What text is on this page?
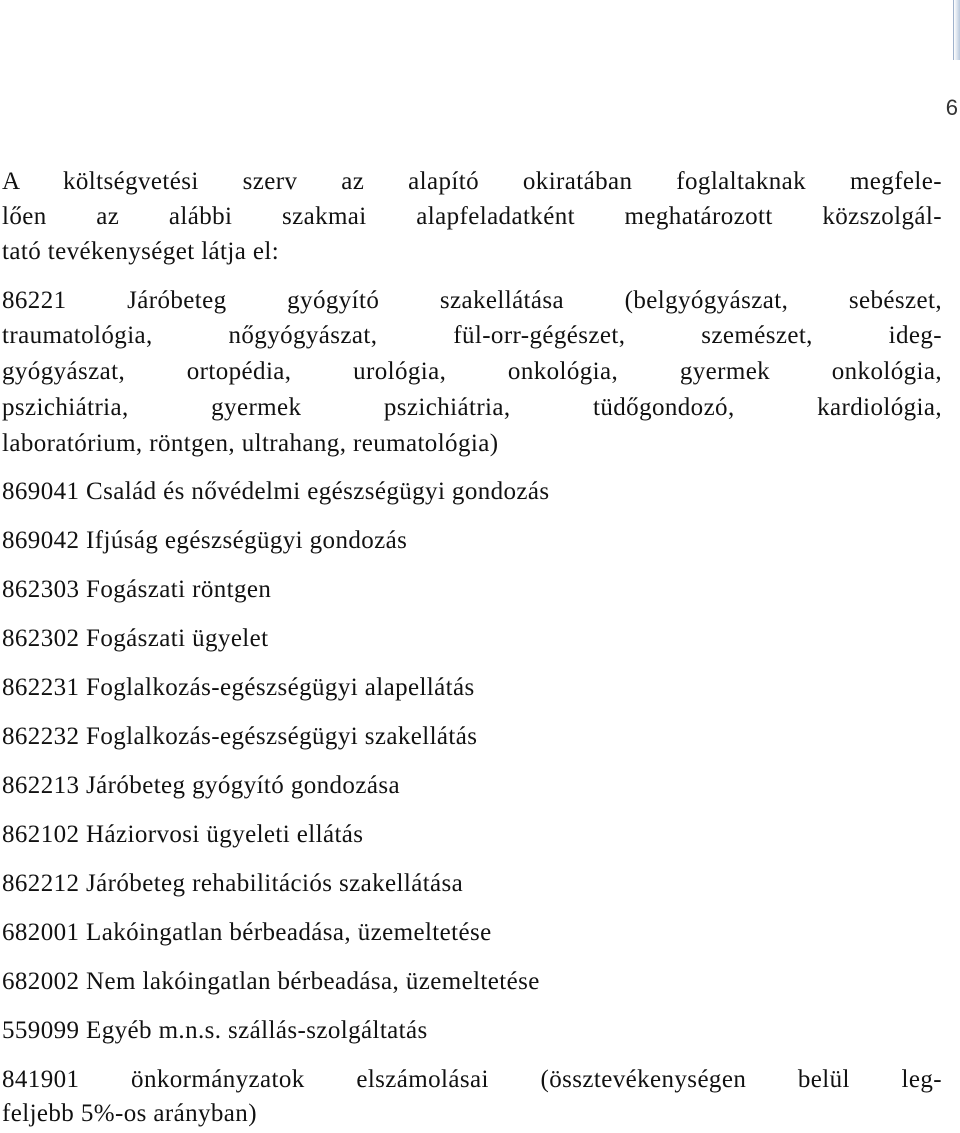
6
A költségvetési szerv az alapító okiratában foglaltaknak megfele-
lően az alábbi szakmai alapfeladatként meghatározott közszolgál-
tató tevékenységet látja el:
86221 Járóbeteg gyógyító szakellátása (belgyógyászat, sebészet,
traumatológia, nőgyógyászat, fül-orr-gégészet, szemészet, ideg-
gyógyászat, ortopédia, urológia, onkológia, gyermek onkológia,
pszichiátria, gyermek pszichiátria, tüdőgondozó, kardiológia,
laboratórium, röntgen, ultrahang, reumatológia)
869041 Család és nővédelmi egészségügyi gondozás
869042 Ifjúság egészségügyi gondozás
862303 Fogászati röntgen
862302 Fogászati ügyelet
862231 Foglalkozás-egészségügyi alapellátás
862232 Foglalkozás-egészségügyi szakellátás
862213 Járóbeteg gyógyító gondozása
862102 Háziorvosi ügyeleti ellátás
862212 Járóbeteg rehabilitációs szakellátása
682001 Lakóingatlan bérbeadása, üzemeltetése
682002 Nem lakóingatlan bérbeadása, üzemeltetése
559099 Egyéb m.n.s. szállás-szolgáltatás
841901 önkormányzatok elszámolásai (össztevékenységen belül leg-
feljebb 5%-os arányban)
